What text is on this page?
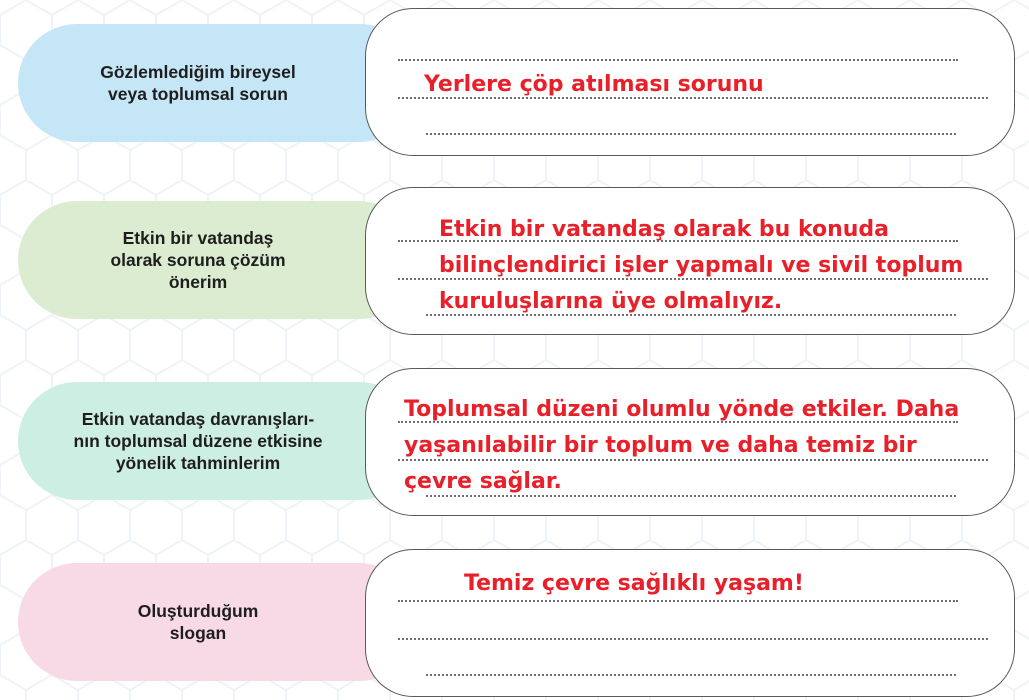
Gözlemlediğim bireysel
veya toplumsal sorun	Yerlere çöp atılması sorunu
Etkin bir vatandaş
olarak soruna çözüm
önerim
Etkin bir vatandaş olarak bu konuda
bilinçlendirici işler yapmalı ve sivil toplum
kuruluşlarına üye olmalıyız.
Etkin vatandaş davranışları-
nın toplumsal düzene etkisine
yönelik tahminlerim
Toplumsal düzeni olumlu yönde etkiler. Daha
yaşanılabilir bir toplum ve daha temiz bir
çevre sağlar.
Oluşturduğum
slogan
Temiz çevre sağlıklı yaşam!
